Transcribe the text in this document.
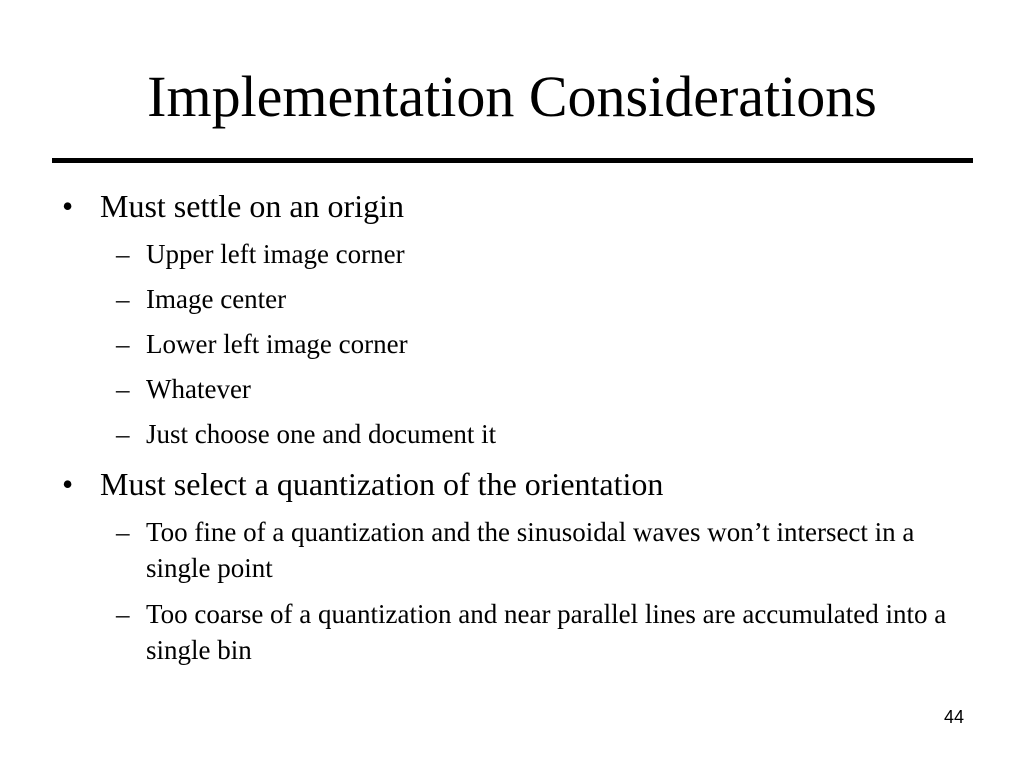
Implementation Considerations
• Must settle on an origin
– Upper left image corner
– Image center
– Lower left image corner
– Whatever
– Just choose one and document it
• Must select a quantization of the orientation
– Too fine of a quantization and the sinusoidal waves won’t intersect in a single point
– Too coarse of a quantization and near parallel lines are accumulated into a single bin
44
